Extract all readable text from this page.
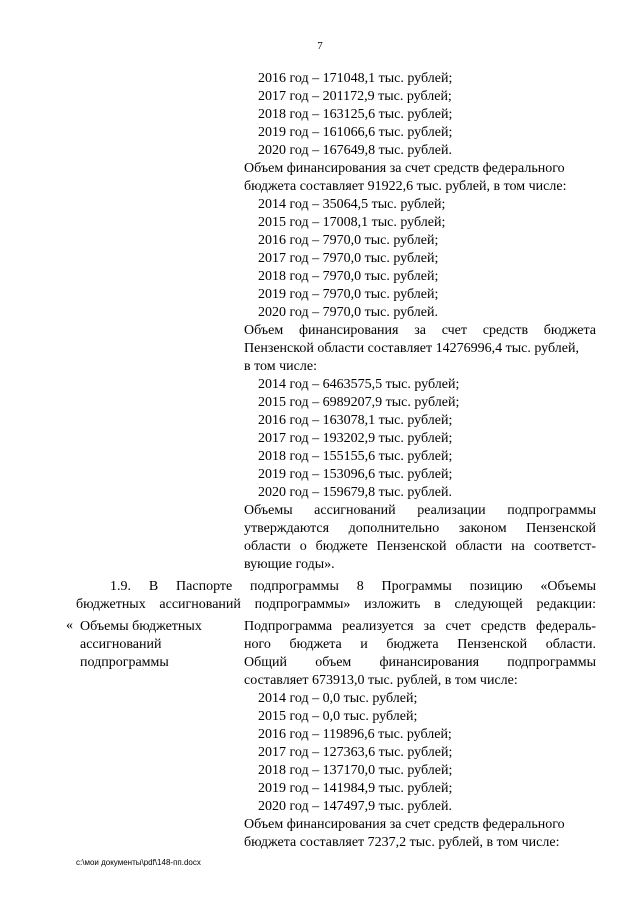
7
2016 год – 171048,1 тыс. рублей;
2017 год – 201172,9 тыс. рублей;
2018 год – 163125,6 тыс. рублей;
2019 год – 161066,6 тыс. рублей;
2020 год – 167649,8 тыс. рублей.
Объем финансирования за счет средств федерального
бюджета составляет 91922,6 тыс. рублей, в том числе:
2014 год – 35064,5 тыс. рублей;
2015 год – 17008,1 тыс. рублей;
2016 год – 7970,0 тыс. рублей;
2017 год – 7970,0 тыс. рублей;
2018 год – 7970,0 тыс. рублей;
2019 год – 7970,0 тыс. рублей;
2020 год – 7970,0 тыс. рублей.
Объем финансирования за счет средств бюджета
Пензенской области составляет 14276996,4 тыс. рублей,
в том числе:
2014 год – 6463575,5 тыс. рублей;
2015 год – 6989207,9 тыс. рублей;
2016 год – 163078,1 тыс. рублей;
2017 год – 193202,9 тыс. рублей;
2018 год – 155155,6 тыс. рублей;
2019 год – 153096,6 тыс. рублей;
2020 год – 159679,8 тыс. рублей.
Объемы ассигнований реализации подпрограммы
утверждаются дополнительно законом Пензенской
области о бюджете Пензенской области на соответст-
вующие годы».
1.9. В Паспорте подпрограммы 8 Программы позицию «Объемы
бюджетных ассигнований подпрограммы» изложить в следующей редакции:
« Объемы бюджетных
ассигнований
подпрограммы
Подпрограмма реализуется за счет средств федераль-
ного бюджета и бюджета Пензенской области.
Общий объем финансирования подпрограммы
составляет 673913,0 тыс. рублей, в том числе:
2014 год – 0,0 тыс. рублей;
2015 год – 0,0 тыс. рублей;
2016 год – 119896,6 тыс. рублей;
2017 год – 127363,6 тыс. рублей;
2018 год – 137170,0 тыс. рублей;
2019 год – 141984,9 тыс. рублей;
2020 год – 147497,9 тыс. рублей.
Объем финансирования за счет средств федерального
бюджета составляет 7237,2 тыс. рублей, в том числе:
c:\мои документы\pdf\148-пп.docx
